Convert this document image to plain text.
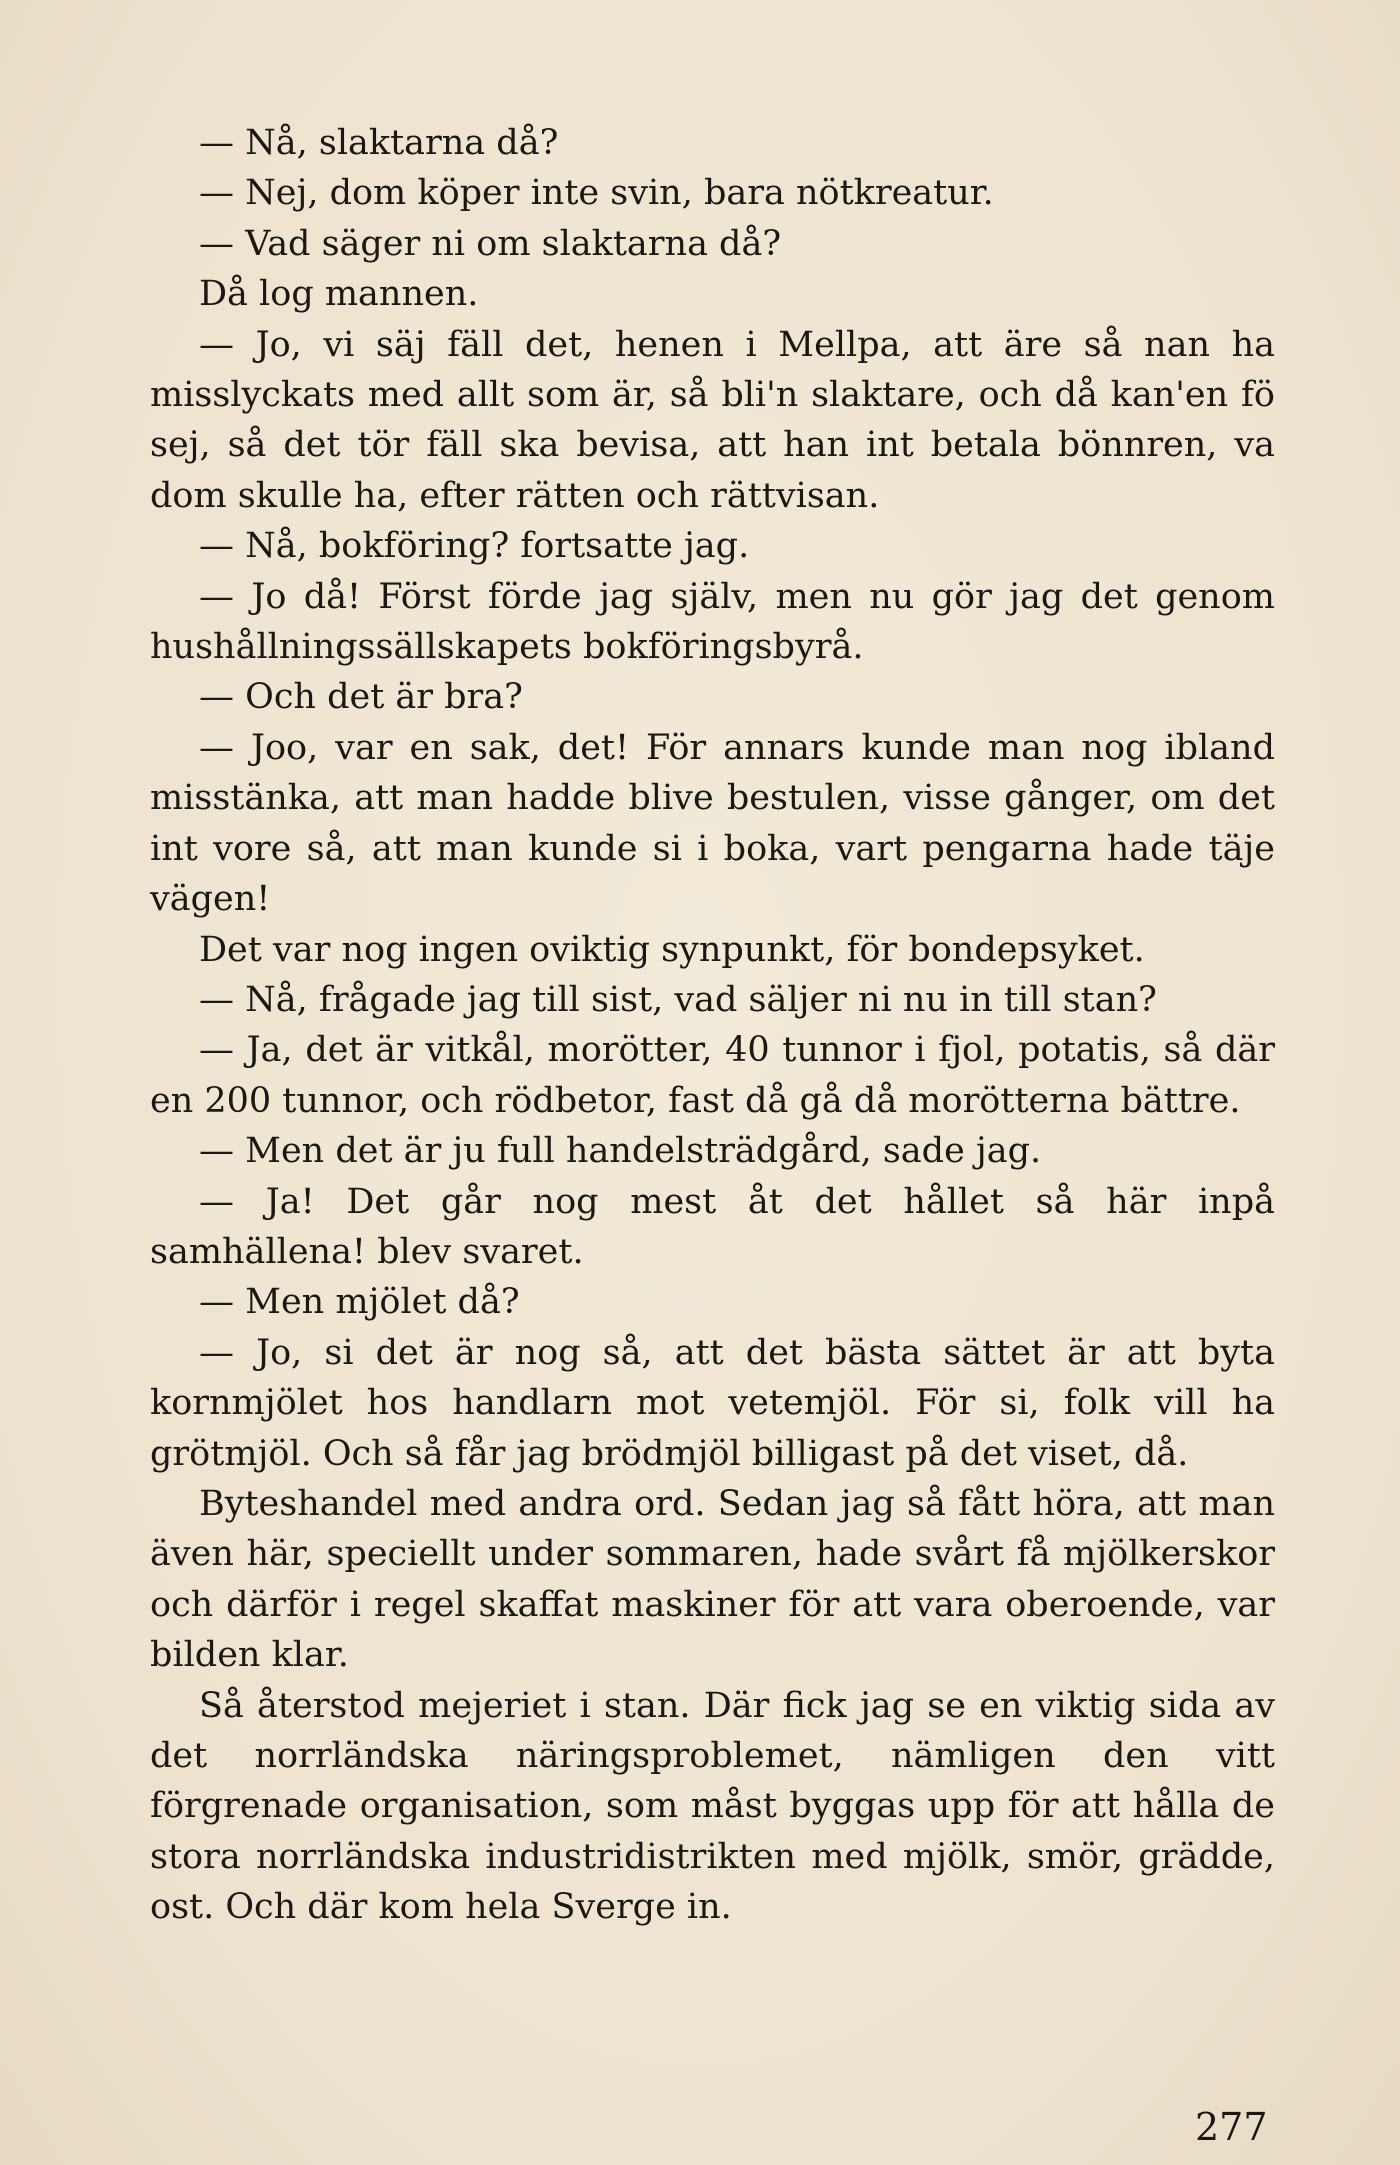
— Nå, slaktarna då?

— Nej, dom köper inte svin, bara nötkreatur.

— Vad säger ni om slaktarna då?

Då log mannen.

— Jo, vi säj fäll det, henen i Mellpa, att äre så nan ha misslyckats med allt som är, så bli'n slaktare, och då kan'en fö sej, så det tör fäll ska bevisa, att han int betala bönnren, va dom skulle ha, efter rätten och rättvisan.

— Nå, bokföring? fortsatte jag.

— Jo då! Först förde jag själv, men nu gör jag det genom hushållningssällskapets bokföringsbyrå.

— Och det är bra?

— Joo, var en sak, det! För annars kunde man nog ibland misstänka, att man hadde blive bestulen, visse gånger, om det int vore så, att man kunde si i boka, vart pengarna hade täje vägen!

Det var nog ingen oviktig synpunkt, för bondepsyket.

— Nå, frågade jag till sist, vad säljer ni nu in till stan?

— Ja, det är vitkål, morötter, 40 tunnor i fjol, potatis, så där en 200 tunnor, och rödbetor, fast då gå då morötterna bättre.

— Men det är ju full handelsträdgård, sade jag.

— Ja! Det går nog mest åt det hållet så här inpå samhällena! blev svaret.

— Men mjölet då?

— Jo, si det är nog så, att det bästa sättet är att byta kornmjölet hos handlarn mot vetemjöl. För si, folk vill ha grötmjöl. Och så får jag brödmjöl billigast på det viset, då.

Byteshandel med andra ord. Sedan jag så fått höra, att man även här, speciellt under sommaren, hade svårt få mjölkerskor och därför i regel skaffat maskiner för att vara oberoende, var bilden klar.

Så återstod mejeriet i stan. Där fick jag se en viktig sida av det norrländska näringsproblemet, nämligen den vitt förgrenade organisation, som måst byggas upp för att hålla de stora norrländska industridistrikten med mjölk, smör, grädde, ost. Och där kom hela Sverge in.

277
